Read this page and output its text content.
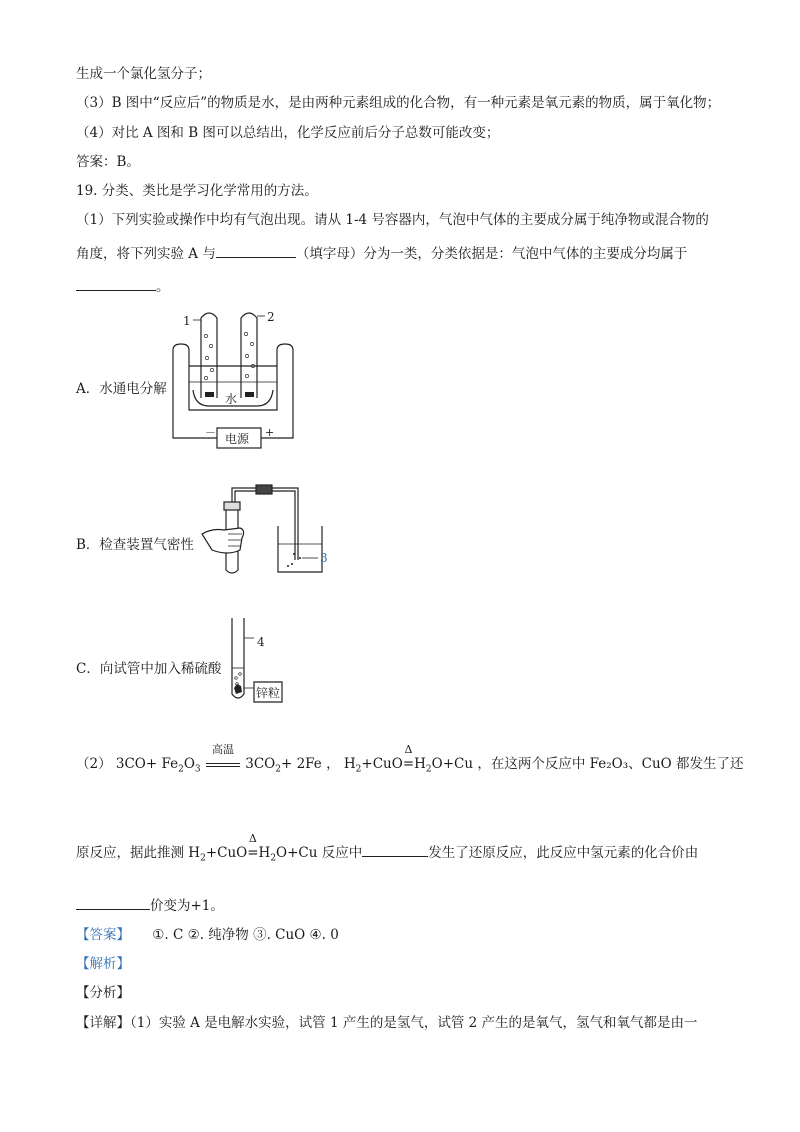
生成一个氯化氢分子；
（3）B 图中“反应后”的物质是水，是由两种元素组成的化合物，有一种元素是氧元素的物质，属于氧化物；
（4）对比 A 图和 B 图可以总结出，化学反应前后分子总数可能改变；
答案：B。
19. 分类、类比是学习化学常用的方法。
（1）下列实验或操作中均有气泡出现。请从 1-4 号容器内，气泡中气体的主要成分属于纯净物或混合物的
角度，将下列实验 A 与	（填字母）分为一类，分类依据是：气泡中气体的主要成分均属于
。
A．水通电分解
1	2
水
－	+
电源
B．检查装置气密性
3
C．向试管中加入稀硫酸
4
锌粒
（2） $3CO+ Fe_2O_3$
高温
$3CO_2+ 2Fe$ ， $H_2+CuO$
Δ
$=H_2O+Cu$ ，在这两个反应中 Fe₂O₃、CuO 都发生了还
原反应，据此推测 $H_2+CuO$
Δ
$=H_2O+Cu$ 反应中	发生了还原反应，此反应中氢元素的化合价由
价变为+1。
【答案】 ①. C ②. 纯净物 ③. CuO ④. 0
【解析】
【分析】
【详解】（1）实验 A 是电解水实验，试管 1 产生的是氢气，试管 2 产生的是氧气，氢气和氧气都是由一
